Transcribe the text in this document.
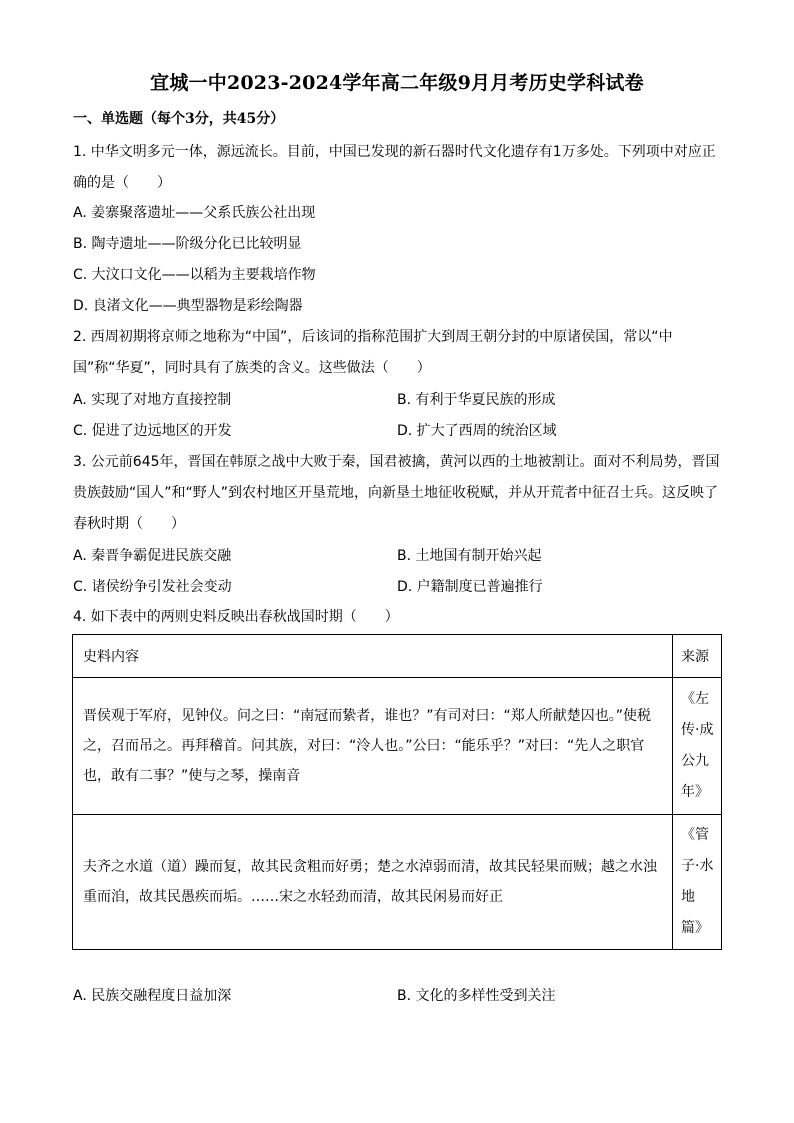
宜城一中2023-2024学年高二年级9月月考历史学科试卷
一、单选题（每个3分，共45分）
1. 中华文明多元一体，源远流长。目前，中国已发现的新石器时代文化遗存有1万多处。下列项中对应正确的是（　　）
A. 姜寨聚落遗址——父系氏族公社出现
B. 陶寺遗址——阶级分化已比较明显
C. 大汶口文化——以稻为主要栽培作物
D. 良渚文化——典型器物是彩绘陶器
2. 西周初期将京师之地称为“中国”，后该词的指称范围扩大到周王朝分封的中原诸侯国，常以“中国”称“华夏”，同时具有了族类的含义。这些做法（　　）
A. 实现了对地方直接控制	B. 有利于华夏民族的形成
C. 促进了边远地区的开发	D. 扩大了西周的统治区域
3. 公元前645年，晋国在韩原之战中大败于秦，国君被擒，黄河以西的土地被割让。面对不利局势，晋国贵族鼓励“国人”和“野人”到农村地区开垦荒地，向新垦土地征收税赋，并从开荒者中征召士兵。这反映了春秋时期（　　）
A. 秦晋争霸促进民族交融	B. 土地国有制开始兴起
C. 诸侯纷争引发社会变动	D. 户籍制度已普遍推行
4. 如下表中的两则史料反映出春秋战国时期（　　）
史料内容	来源

晋侯观于军府，见钟仪。问之曰：“南冠而絷者，谁也？”有司对曰：“郑人所献楚囚也。”使税之，召而吊之。再拜稽首。问其族，对曰：“泠人也。”公曰：“能乐乎？”对曰：“先人之职官也，敢有二事？”使与之琴，操南音	《左传·成公九年》

夫齐之水道（道）躁而复，故其民贪粗而好勇；楚之水淖弱而清，故其民轻果而贼；越之水浊重而洎，故其民愚疾而垢。……宋之水轻劲而清，故其民闲易而好正	《管子·水地篇》
A. 民族交融程度日益加深	B. 文化的多样性受到关注
